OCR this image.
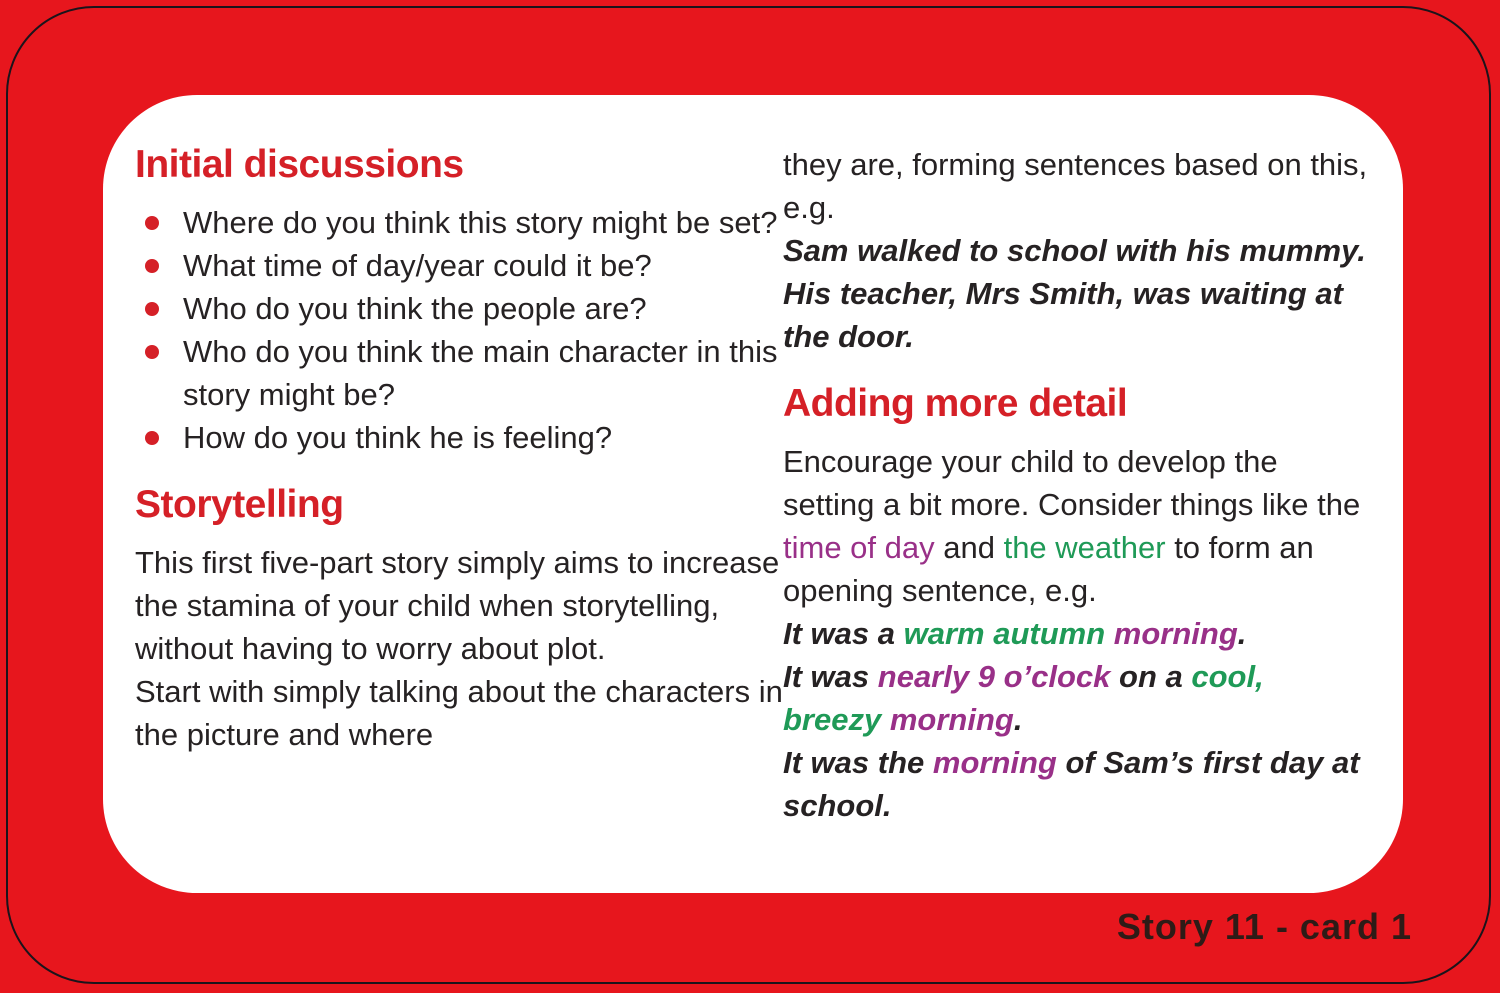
Initial discussions
Where do you think this story might be set?
What time of day/year could it be?
Who do you think the people are?
Who do you think the main character in this story might be?
How do you think he is feeling?
Storytelling

This first five-part story simply aims to increase the stamina of your child when storytelling, without having to worry about plot.

Start with simply talking about the characters in the picture and where

they are, forming sentences based on this, e.g.

Sam walked to school with his mummy.

His teacher, Mrs Smith, was waiting at the door.

Adding more detail

Encourage your child to develop the setting a bit more. Consider things like the time of day and the weather to form an opening sentence, e.g.

It was a warm autumn morning.

It was nearly 9 o’clock on a cool, breezy morning.

It was the morning of Sam’s first day at school.

Story 11 - card 1
